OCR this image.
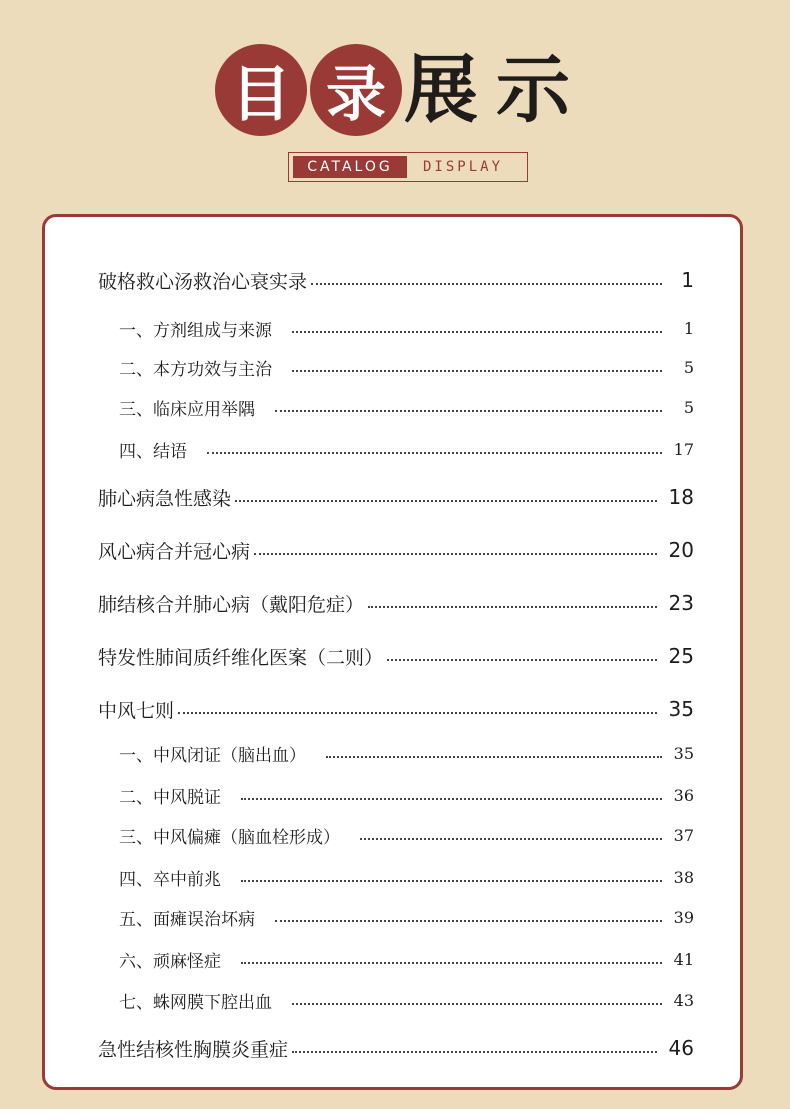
目 录 展 示
CATALOG	DISPLAY
破格救心汤救治心衰实录	1
一、方剂组成与来源	1
二、本方功效与主治	5
三、临床应用举隅	5
四、结语	17
肺心病急性感染	18
风心病合并冠心病	20
肺结核合并肺心病（戴阳危症）	23
特发性肺间质纤维化医案（二则）	25
中风七则	35
一、中风闭证（脑出血）	35
二、中风脱证	36
三、中风偏瘫（脑血栓形成）	37
四、卒中前兆	38
五、面瘫误治坏病	39
六、顽麻怪症	41
七、蛛网膜下腔出血	43
急性结核性胸膜炎重症	46
